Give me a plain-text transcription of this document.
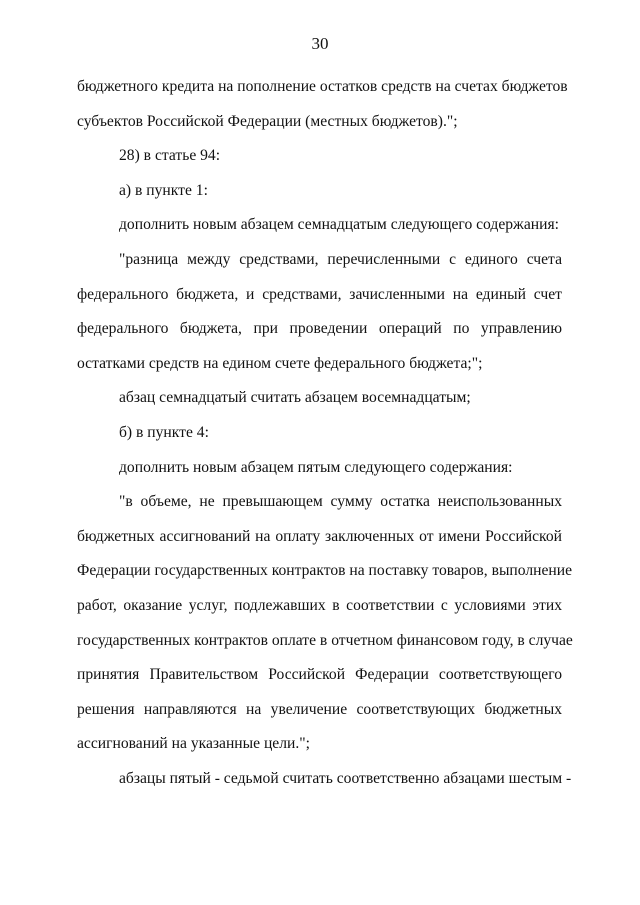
30
бюджетного кредита на пополнение остатков средств на счетах бюджетов
субъектов Российской Федерации (местных бюджетов).";
28) в статье 94:
а) в пункте 1:
дополнить новым абзацем семнадцатым следующего содержания:
"разница между средствами, перечисленными с единого счета
федерального бюджета, и средствами, зачисленными на единый счет
федерального бюджета, при проведении операций по управлению
остатками средств на едином счете федерального бюджета;";
абзац семнадцатый считать абзацем восемнадцатым;
б) в пункте 4:
дополнить новым абзацем пятым следующего содержания:
"в объеме, не превышающем сумму остатка неиспользованных
бюджетных ассигнований на оплату заключенных от имени Российской
Федерации государственных контрактов на поставку товаров, выполнение
работ, оказание услуг, подлежавших в соответствии с условиями этих
государственных контрактов оплате в отчетном финансовом году, в случае
принятия Правительством Российской Федерации соответствующего
решения направляются на увеличение соответствующих бюджетных
ассигнований на указанные цели.";
абзацы пятый - седьмой считать соответственно абзацами шестым -
